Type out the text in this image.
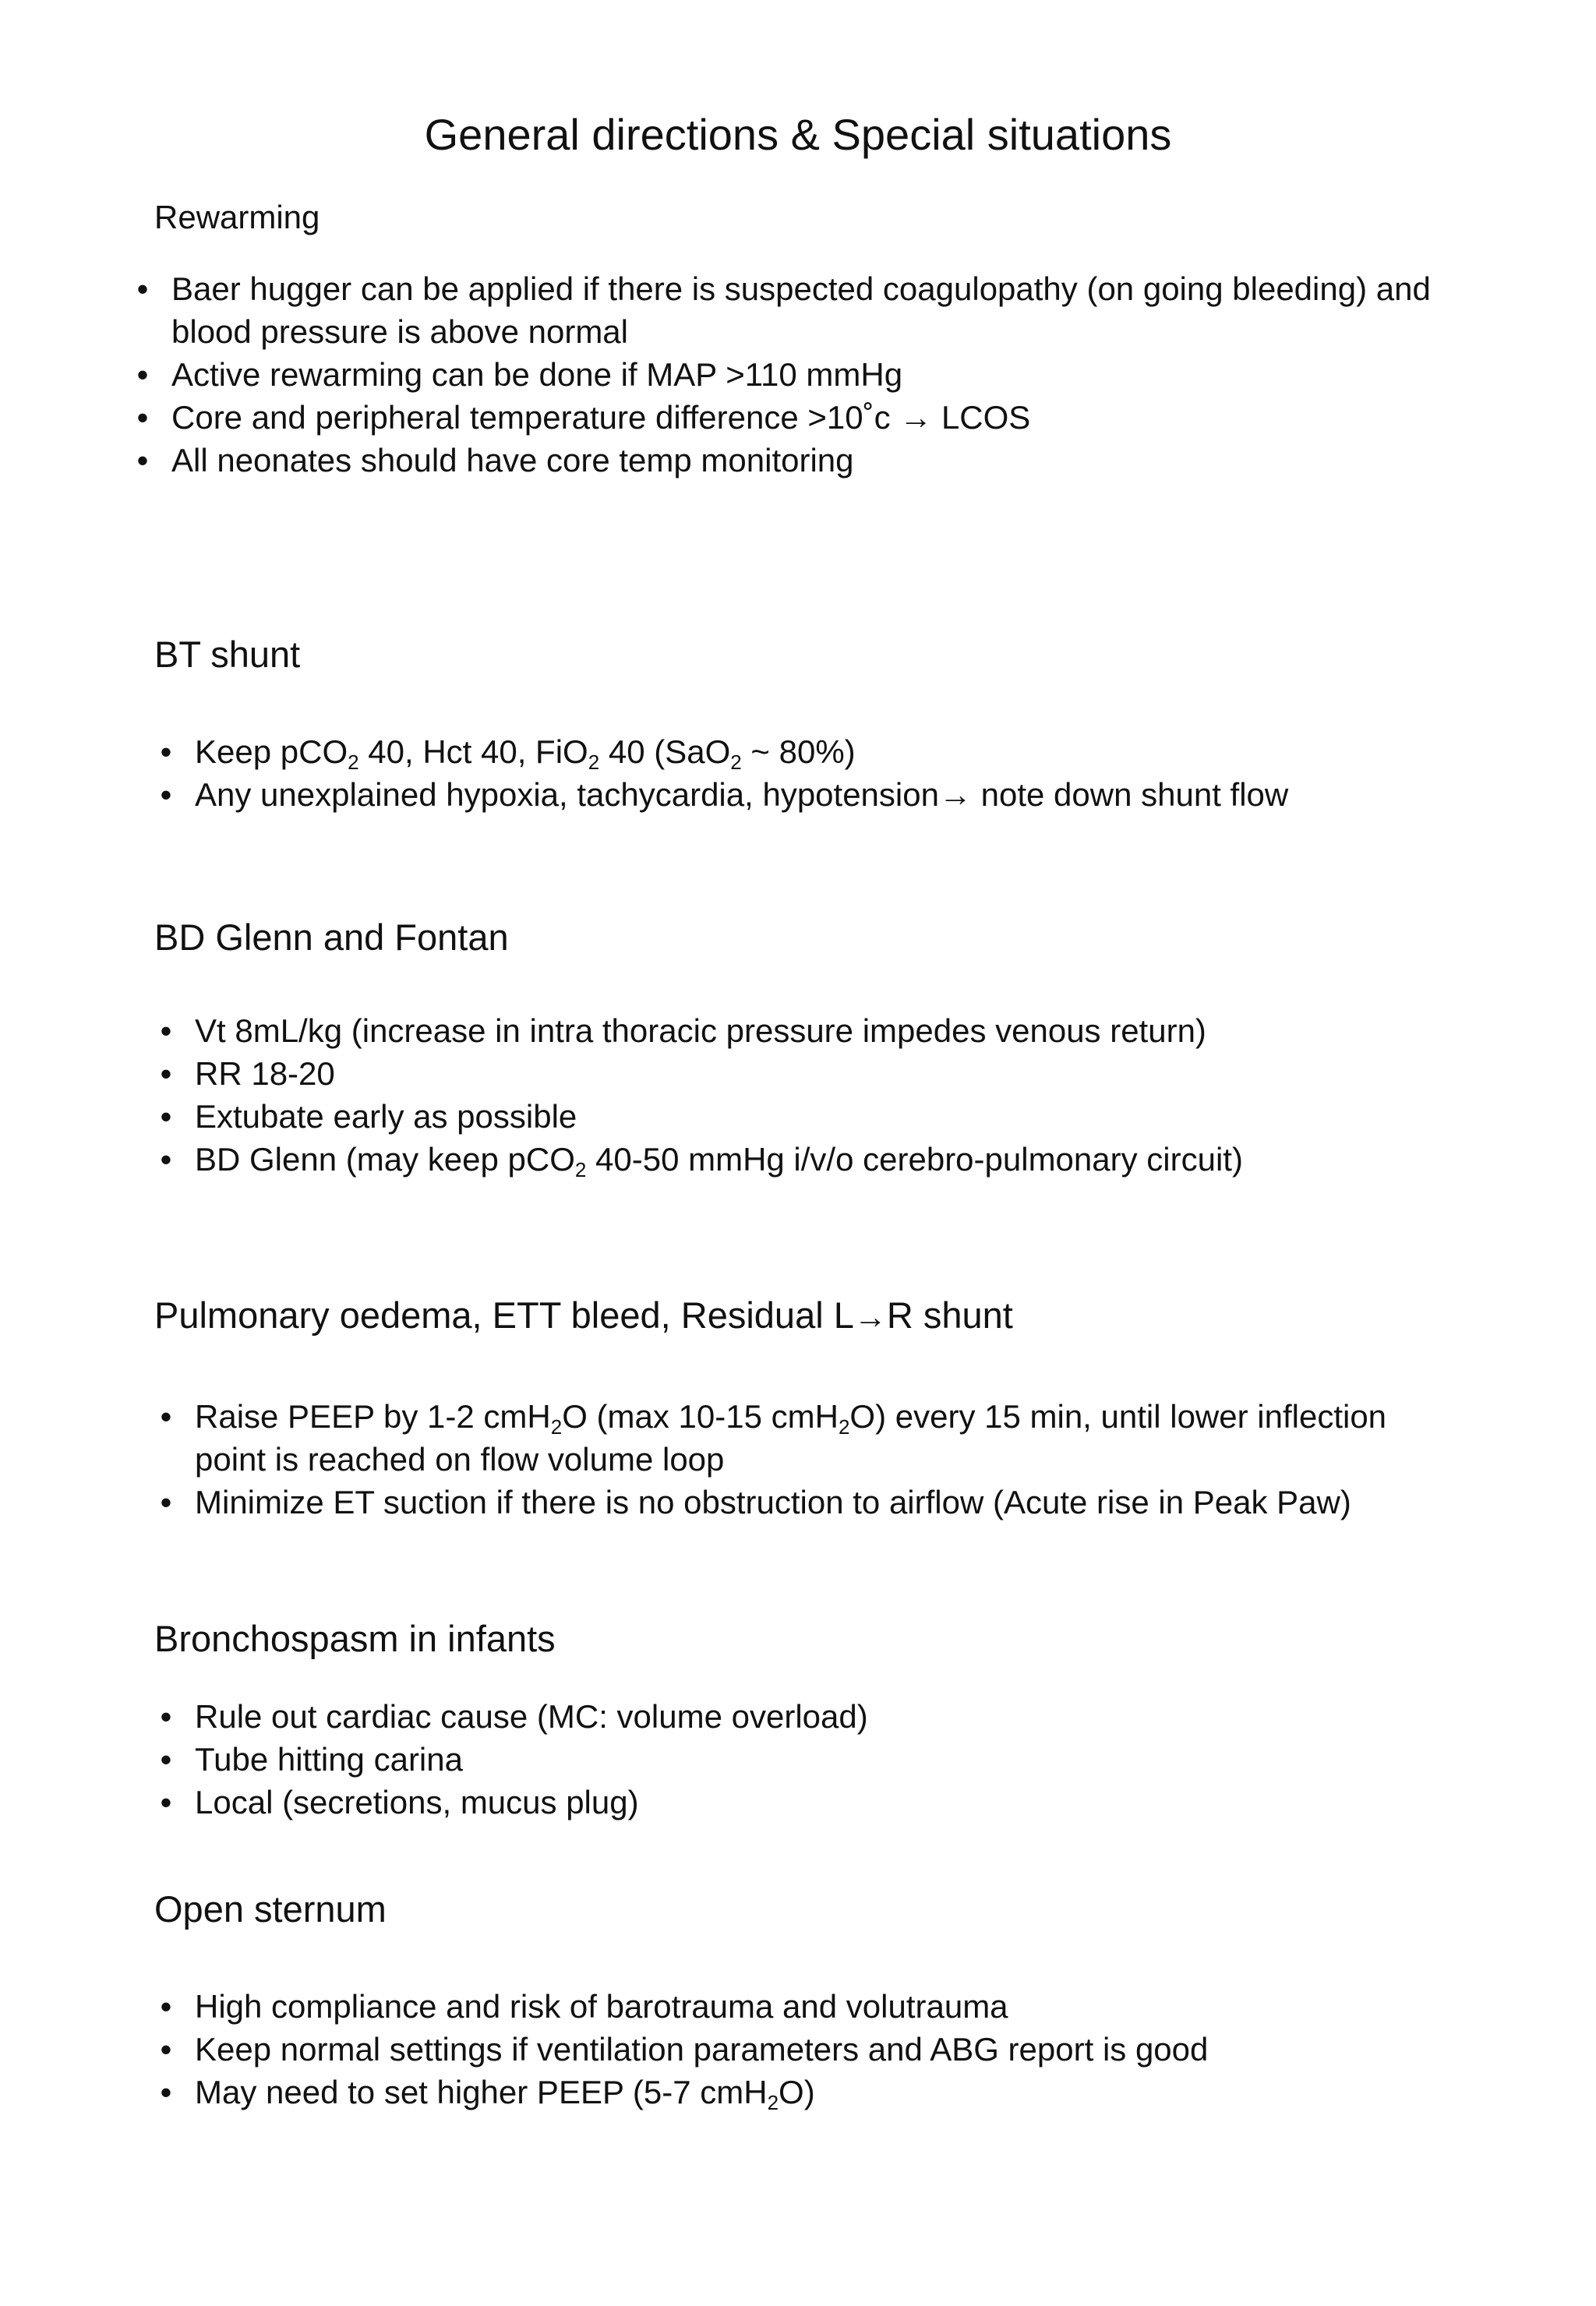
General directions & Special situations
Rewarming
• Baer hugger can be applied if there is suspected coagulopathy (on going bleeding) and blood pressure is above normal
• Active rewarming can be done if MAP >110 mmHg
• Core and peripheral temperature difference >10˚c → LCOS
• All neonates should have core temp monitoring
BT shunt
• Keep pCO$_2$ 40, Hct 40, FiO$_2$ 40 (SaO$_2$ ~ 80%)
• Any unexplained hypoxia, tachycardia, hypotension→ note down shunt flow
BD Glenn and Fontan
• Vt 8mL/kg (increase in intra thoracic pressure impedes venous return)
• RR 18-20
• Extubate early as possible
• BD Glenn (may keep pCO$_2$ 40-50 mmHg i/v/o cerebro-pulmonary circuit)
Pulmonary oedema, ETT bleed, Residual L→R shunt
• Raise PEEP by 1-2 cmH$_2$O (max 10-15 cmH$_2$O) every 15 min, until lower inflection point is reached on flow volume loop
• Minimize ET suction if there is no obstruction to airflow (Acute rise in Peak Paw)
Bronchospasm in infants
• Rule out cardiac cause (MC: volume overload)
• Tube hitting carina
• Local (secretions, mucus plug)
Open sternum
• High compliance and risk of barotrauma and volutrauma
• Keep normal settings if ventilation parameters and ABG report is good
• May need to set higher PEEP (5-7 cmH$_2$O)
